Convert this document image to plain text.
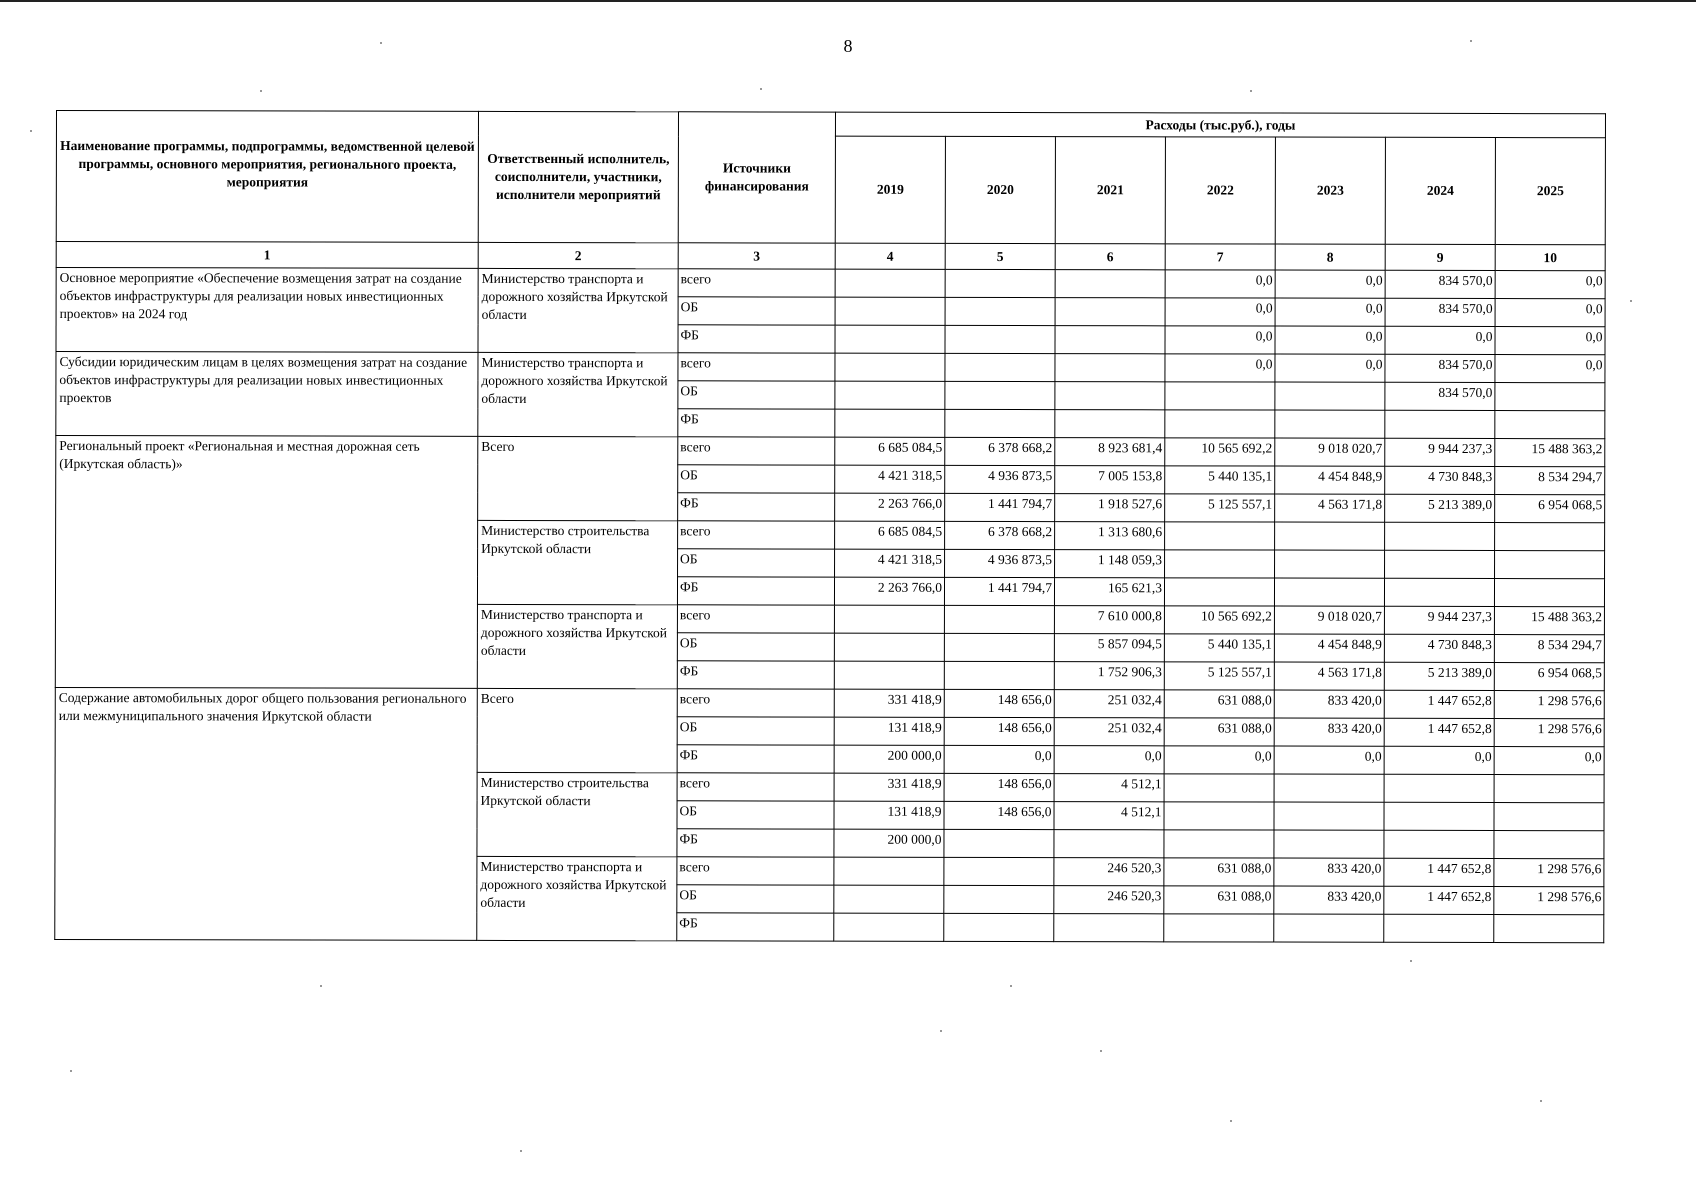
8
Наименование программы, подпрограммы, ведомственной целевой программы, основного мероприятия, регионального проекта, мероприятия	Ответственный исполнитель, соисполнители, участники, исполнители мероприятий	Источники финансирования	Расходы (тыс.руб.), годы						
			2019	2020	2021	2022	2023	2024	2025
1	2	3	4	5	6	7	8	9	10
Основное мероприятие «Обеспечение возмещения затрат на создание объектов инфраструктуры для реализации новых инвестиционных проектов» на 2024 год	Министерство транспорта и дорожного хозяйства Иркутской области	всего				0,0	0,0	834 570,0	0,0
		ОБ				0,0	0,0	834 570,0	0,0
		ФБ				0,0	0,0	0,0	0,0
Субсидии юридическим лицам в целях возмещения затрат на создание объектов инфраструктуры для реализации новых инвестиционных проектов	Министерство транспорта и дорожного хозяйства Иркутской области	всего				0,0	0,0	834 570,0	0,0
		ОБ						834 570,0	
		ФБ							
Региональный проект «Региональная и местная дорожная сеть (Иркутская область)»	Всего	всего	6 685 084,5	6 378 668,2	8 923 681,4	10 565 692,2	9 018 020,7	9 944 237,3	15 488 363,2
		ОБ	4 421 318,5	4 936 873,5	7 005 153,8	5 440 135,1	4 454 848,9	4 730 848,3	8 534 294,7
		ФБ	2 263 766,0	1 441 794,7	1 918 527,6	5 125 557,1	4 563 171,8	5 213 389,0	6 954 068,5
	Министерство строительства Иркутской области	всего	6 685 084,5	6 378 668,2	1 313 680,6				
		ОБ	4 421 318,5	4 936 873,5	1 148 059,3				
		ФБ	2 263 766,0	1 441 794,7	165 621,3				
	Министерство транспорта и дорожного хозяйства Иркутской области	всего			7 610 000,8	10 565 692,2	9 018 020,7	9 944 237,3	15 488 363,2
		ОБ			5 857 094,5	5 440 135,1	4 454 848,9	4 730 848,3	8 534 294,7
		ФБ			1 752 906,3	5 125 557,1	4 563 171,8	5 213 389,0	6 954 068,5
Содержание автомобильных дорог общего пользования регионального или межмуниципального значения Иркутской области	Всего	всего	331 418,9	148 656,0	251 032,4	631 088,0	833 420,0	1 447 652,8	1 298 576,6
		ОБ	131 418,9	148 656,0	251 032,4	631 088,0	833 420,0	1 447 652,8	1 298 576,6
		ФБ	200 000,0	0,0	0,0	0,0	0,0	0,0	0,0
	Министерство строительства Иркутской области	всего	331 418,9	148 656,0	4 512,1				
		ОБ	131 418,9	148 656,0	4 512,1				
		ФБ	200 000,0						
	Министерство транспорта и дорожного хозяйства Иркутской области	всего			246 520,3	631 088,0	833 420,0	1 447 652,8	1 298 576,6
		ОБ			246 520,3	631 088,0	833 420,0	1 447 652,8	1 298 576,6
		ФБ							
